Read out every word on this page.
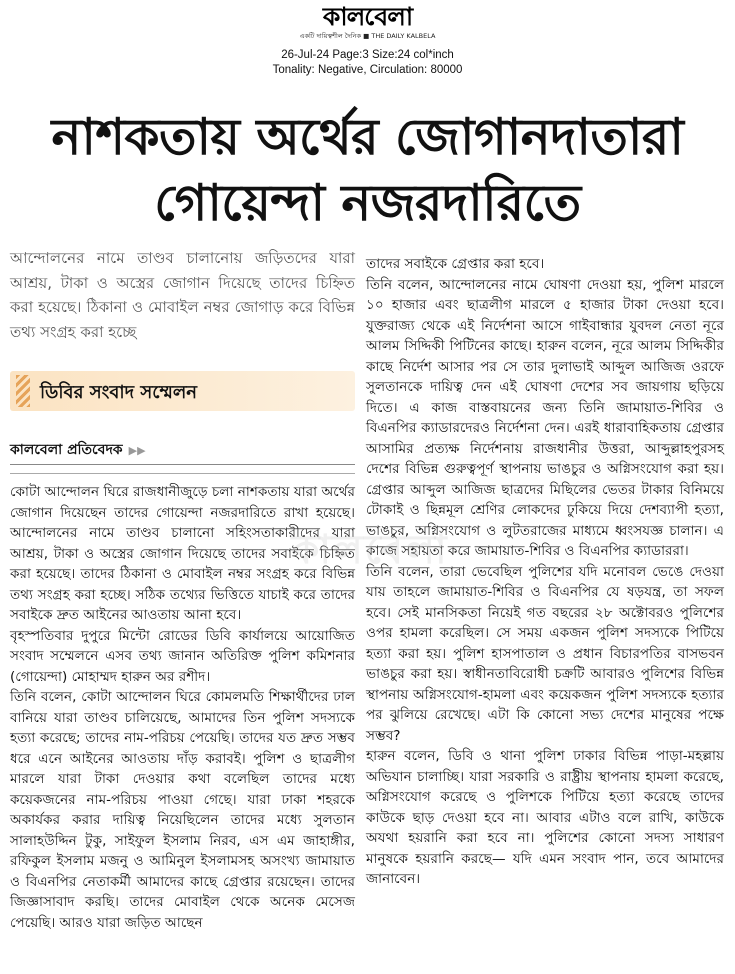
কালবেলা
একটি দায়িত্বশীল দৈনিক ■ THE DAILY KALBELA
26-Jul-24 Page:3 Size:24 col*inch
Tonality: Negative, Circulation: 80000
নাশকতায় অর্থের জোগানদাতারা
গোয়েন্দা নজরদারিতে
আন্দোলনের নামে তাণ্ডব চালানোয় জড়িতদের যারা আশ্রয়, টাকা ও অস্ত্রের জোগান দিয়েছে তাদের চিহ্নিত করা হয়েছে। ঠিকানা ও মোবাইল নম্বর জোগাড় করে বিভিন্ন তথ্য সংগ্রহ করা হচ্ছে
ডিবির সংবাদ সম্মেলন
কালবেলা প্রতিবেদক ▶▶

কোটা আন্দোলন ঘিরে রাজধানীজুড়ে চলা নাশকতায় যারা অর্থের জোগান দিয়েছেন তাদের গোয়েন্দা নজরদারিতে রাখা হয়েছে। আন্দোলনের নামে তাণ্ডব চালানো সহিংসতাকারীদের যারা আশ্রয়, টাকা ও অস্ত্রের জোগান দিয়েছে তাদের সবাইকে চিহ্নিত করা হয়েছে। তাদের ঠিকানা ও মোবাইল নম্বর সংগ্রহ করে বিভিন্ন তথ্য সংগ্রহ করা হচ্ছে। সঠিক তথ্যের ভিত্তিতে যাচাই করে তাদের সবাইকে দ্রুত আইনের আওতায় আনা হবে।

বৃহস্পতিবার দুপুরে মিন্টো রোডের ডিবি কার্যালয়ে আয়োজিত সংবাদ সম্মেলনে এসব তথ্য জানান অতিরিক্ত পুলিশ কমিশনার (গোয়েন্দা) মোহাম্মদ হারুন অর রশীদ।

তিনি বলেন, কোটা আন্দোলন ঘিরে কোমলমতি শিক্ষার্থীদের ঢাল বানিয়ে যারা তাণ্ডব চালিয়েছে, আমাদের তিন পুলিশ সদস্যকে হত্যা করেছে; তাদের নাম-পরিচয় পেয়েছি। তাদের যত দ্রুত সম্ভব ধরে এনে আইনের আওতায় দাঁড় করাবই। পুলিশ ও ছাত্রলীগ মারলে যারা টাকা দেওয়ার কথা বলেছিল তাদের মধ্যে কয়েকজনের নাম-পরিচয় পাওয়া গেছে। যারা ঢাকা শহরকে অকার্যকর করার দায়িত্ব নিয়েছিলেন তাদের মধ্যে সুলতান সালাহউদ্দিন টুকু, সাইফুল ইসলাম নিরব, এস এম জাহাঙ্গীর, রফিকুল ইসলাম মজনু ও আমিনুল ইসলামসহ অসংখ্য জামায়াত ও বিএনপির নেতাকর্মী আমাদের কাছে গ্রেপ্তার রয়েছেন। তাদের জিজ্ঞাসাবাদ করছি। তাদের মোবাইল থেকে অনেক মেসেজ পেয়েছি। আরও যারা জড়িত আছেন

তাদের সবাইকে গ্রেপ্তার করা হবে।

তিনি বলেন, আন্দোলনের নামে ঘোষণা দেওয়া হয়, পুলিশ মারলে ১০ হাজার এবং ছাত্রলীগ মারলে ৫ হাজার টাকা দেওয়া হবে। যুক্তরাজ্য থেকে এই নির্দেশনা আসে গাইবান্ধার যুবদল নেতা নূরে আলম সিদ্দিকী পিটিনের কাছে। হারুন বলেন, নূরে আলম সিদ্দিকীর কাছে নির্দেশ আসার পর সে তার দুলাভাই আব্দুল আজিজ ওরফে সুলতানকে দায়িত্ব দেন এই ঘোষণা দেশের সব জায়গায় ছড়িয়ে দিতে। এ কাজ বাস্তবায়নের জন্য তিনি জামায়াত-শিবির ও বিএনপির ক্যাডারদেরও নির্দেশনা দেন। এরই ধারাবাহিকতায় গ্রেপ্তার আসামির প্রত্যক্ষ নির্দেশনায় রাজধানীর উত্তরা, আব্দুল্লাহপুরসহ দেশের বিভিন্ন গুরুত্বপূর্ণ স্থাপনায় ভাঙচুর ও অগ্নিসংযোগ করা হয়। গ্রেপ্তার আব্দুল আজিজ ছাত্রদের মিছিলের ভেতর টাকার বিনিময়ে টোকাই ও ছিন্নমূল শ্রেণির লোকদের ঢুকিয়ে দিয়ে দেশব্যাপী হত্যা, ভাঙচুর, অগ্নিসংযোগ ও লুটতরাজের মাধ্যমে ধ্বংসযজ্ঞ চালান। এ কাজে সহায়তা করে জামায়াত-শিবির ও বিএনপির ক্যাডাররা।

তিনি বলেন, তারা ভেবেছিল পুলিশের যদি মনোবল ভেঙে দেওয়া যায় তাহলে জামায়াত-শিবির ও বিএনপির যে ষড়যন্ত্র, তা সফল হবে। সেই মানসিকতা নিয়েই গত বছরের ২৮ অক্টোবরও পুলিশের ওপর হামলা করেছিল। সে সময় একজন পুলিশ সদস্যকে পিটিয়ে হত্যা করা হয়। পুলিশ হাসপাতাল ও প্রধান বিচারপতির বাসভবন ভাঙচুর করা হয়। স্বাধীনতাবিরোধী চক্রটি আবারও পুলিশের বিভিন্ন স্থাপনায় অগ্নিসংযোগ-হামলা এবং কয়েকজন পুলিশ সদস্যকে হত্যার পর ঝুলিয়ে রেখেছে। এটা কি কোনো সভ্য দেশের মানুষের পক্ষে সম্ভব?

হারুন বলেন, ডিবি ও থানা পুলিশ ঢাকার বিভিন্ন পাড়া-মহল্লায় অভিযান চালাচ্ছি। যারা সরকারি ও রাষ্ট্রীয় স্থাপনায় হামলা করেছে, অগ্নিসংযোগ করেছে ও পুলিশকে পিটিয়ে হত্যা করেছে তাদের কাউকে ছাড় দেওয়া হবে না। আবার এটাও বলে রাখি, কাউকে অযথা হয়রানি করা হবে না। পুলিশের কোনো সদস্য সাধারণ মানুষকে হয়রানি করছে— যদি এমন সংবাদ পান, তবে আমাদের জানাবেন।

কালবেলা
